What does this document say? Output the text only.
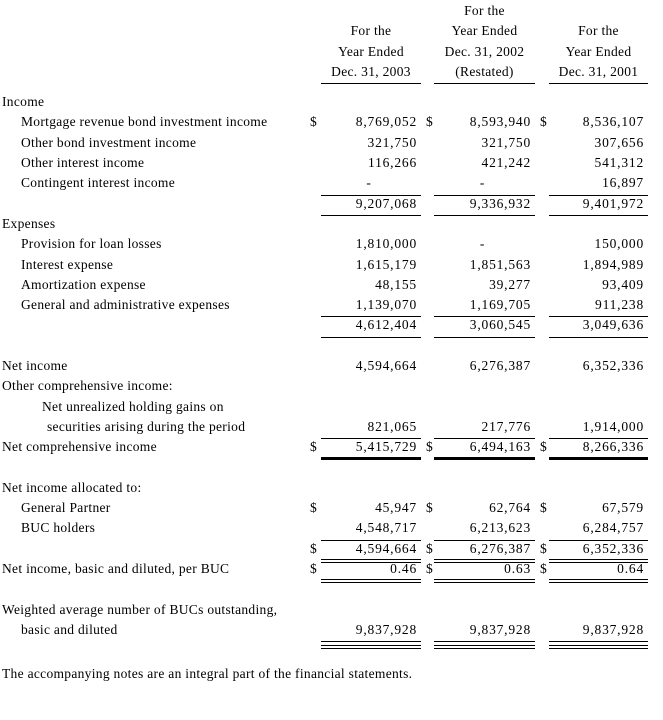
For the
For the	Year Ended	For the
Year Ended	Dec. 31, 2002	Year Ended
Dec. 31, 2003	(Restated)	Dec. 31, 2001
Income
Mortgage revenue bond investment income	$	8,769,052 $	8,593,940 $	8,536,107
Other bond investment income	321,750	321,750	307,656
Other interest income	116,266	421,242	541,312
Contingent interest income	-	-	16,897
9,207,068	9,336,932	9,401,972
Expenses
Provision for loan losses	1,810,000	-	150,000
Interest expense	1,615,179	1,851,563	1,894,989
Amortization expense	48,155	39,277	93,409
General and administrative expenses	1,139,070	1,169,705	911,238
4,612,404	3,060,545	3,049,636
Net income	4,594,664	6,276,387	6,352,336
Other comprehensive income:
Net unrealized holding gains on
securities arising during the period	821,065	217,776	1,914,000
Net comprehensive income	$	5,415,729 $	6,494,163 $	8,266,336
Net income allocated to:
General Partner	$	45,947 $	62,764 $	67,579
BUC holders	4,548,717	6,213,623	6,284,757
$	4,594,664 $	6,276,387 $	6,352,336
Net income, basic and diluted, per BUC	$	0.46 $	0.63 $	0.64
Weighted average number of BUCs outstanding,
basic and diluted	9,837,928	9,837,928	9,837,928

The accompanying notes are an integral part of the financial statements.
